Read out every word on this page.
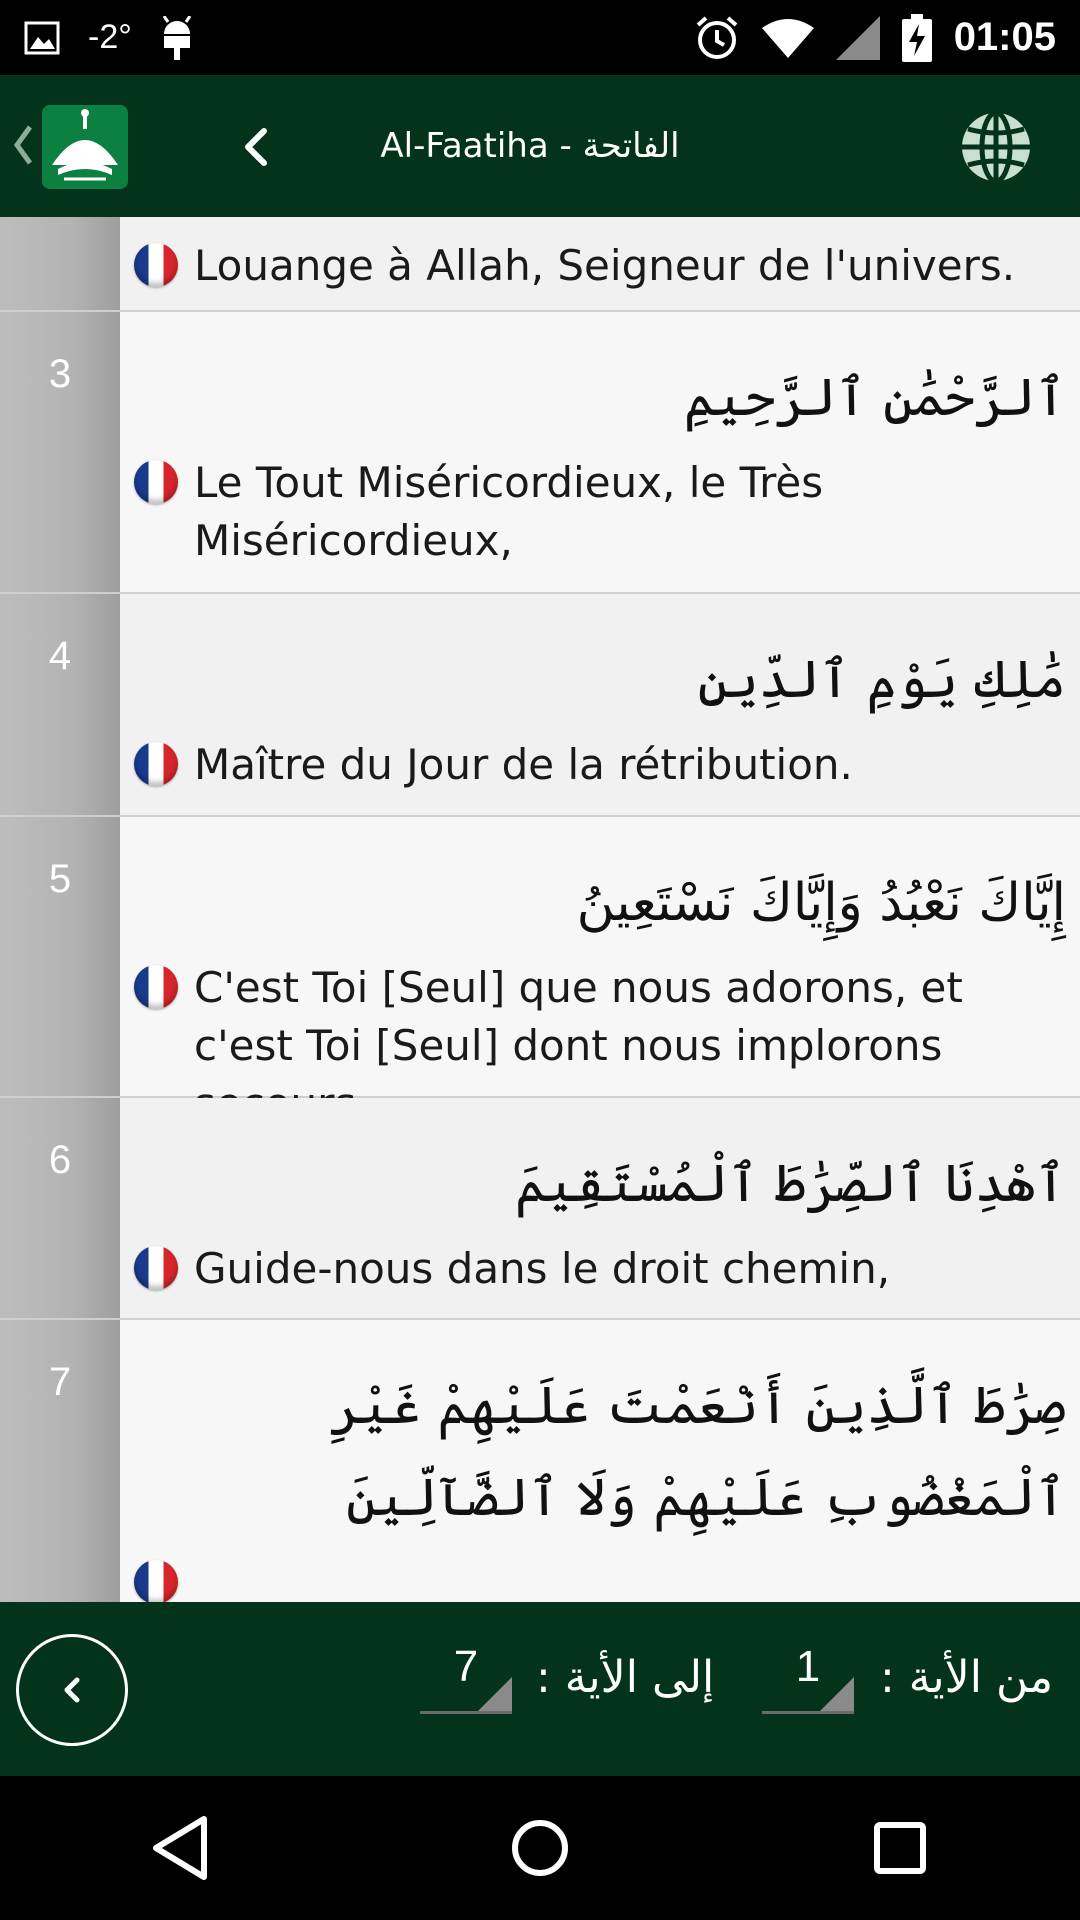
-2°	01:05
Al-Faatiha - الفاتحة
Louange à Allah, Seigneur de l'univers.
3	ٱلرَّحْمَٰنِ ٱلرَّحِيمِ
Le Tout Miséricordieux, le Très Miséricordieux,
4	مَٰلِكِ يَوْمِ ٱلدِّينِ
Maître du Jour de la rétribution.
5	إِيَّاكَ نَعْبُدُ وَإِيَّاكَ نَسْتَعِينُ
C'est Toi [Seul] que nous adorons, et c'est Toi [Seul] dont nous implorons
6	ٱهْدِنَا ٱلصِّرَٰطَ ٱلْمُسْتَقِيمَ
Guide-nous dans le droit chemin,
7	صِرَٰطَ ٱلَّذِينَ أَنْعَمْتَ عَلَيْهِمْ غَيْرِ ٱلْمَغْضُوبِ عَلَيْهِمْ وَلَا ٱلضَّآلِّينَ
7 إلى الأية : 1 من الأية :
